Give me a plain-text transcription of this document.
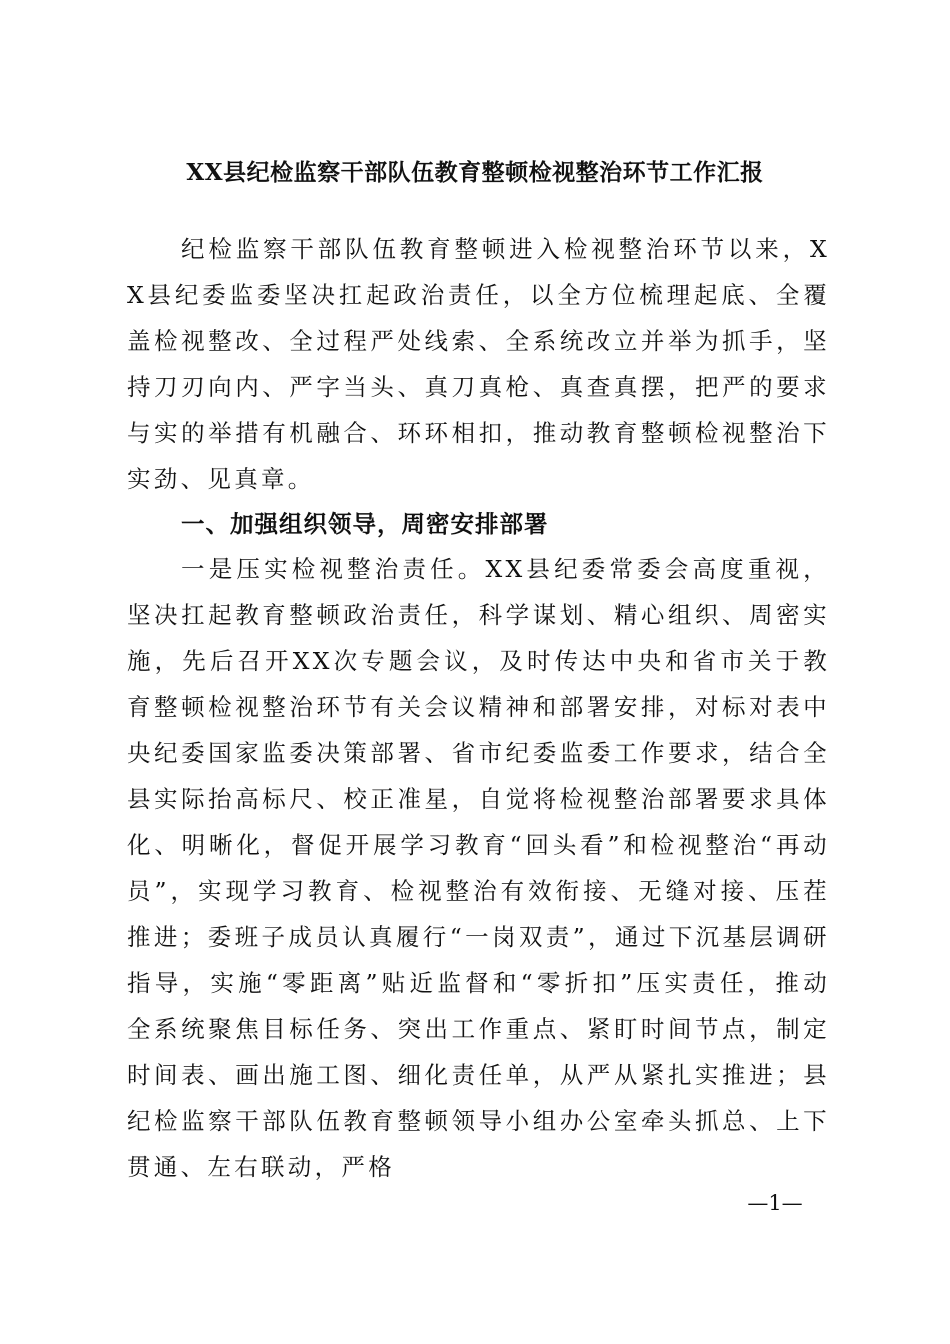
XX县纪检监察干部队伍教育整顿检视整治环节工作汇报

纪检监察干部队伍教育整顿进入检视整治环节以来，XX县纪委监委坚决扛起政治责任，以全方位梳理起底、全覆盖检视整改、全过程严处线索、全系统改立并举为抓手，坚持刀刃向内、严字当头、真刀真枪、真查真摆，把严的要求与实的举措有机融合、环环相扣，推动教育整顿检视整治下实劲、见真章。

一、加强组织领导，周密安排部署

一是压实检视整治责任。XX县纪委常委会高度重视，坚决扛起教育整顿政治责任，科学谋划、精心组织、周密实施，先后召开XX次专题会议，及时传达中央和省市关于教育整顿检视整治环节有关会议精神和部署安排，对标对表中央纪委国家监委决策部署、省市纪委监委工作要求，结合全县实际抬高标尺、校正准星，自觉将检视整治部署要求具体化、明晰化，督促开展学习教育“回头看”和检视整治“再动员”，实现学习教育、检视整治有效衔接、无缝对接、压茬推进；委班子成员认真履行“一岗双责”，通过下沉基层调研指导，实施“零距离”贴近监督和“零折扣”压实责任，推动全系统聚焦目标任务、突出工作重点、紧盯时间节点，制定时间表、画出施工图、细化责任单，从严从紧扎实推进；县纪检监察干部队伍教育整顿领导小组办公室牵头抓总、上下贯通、左右联动，严格

—1—
